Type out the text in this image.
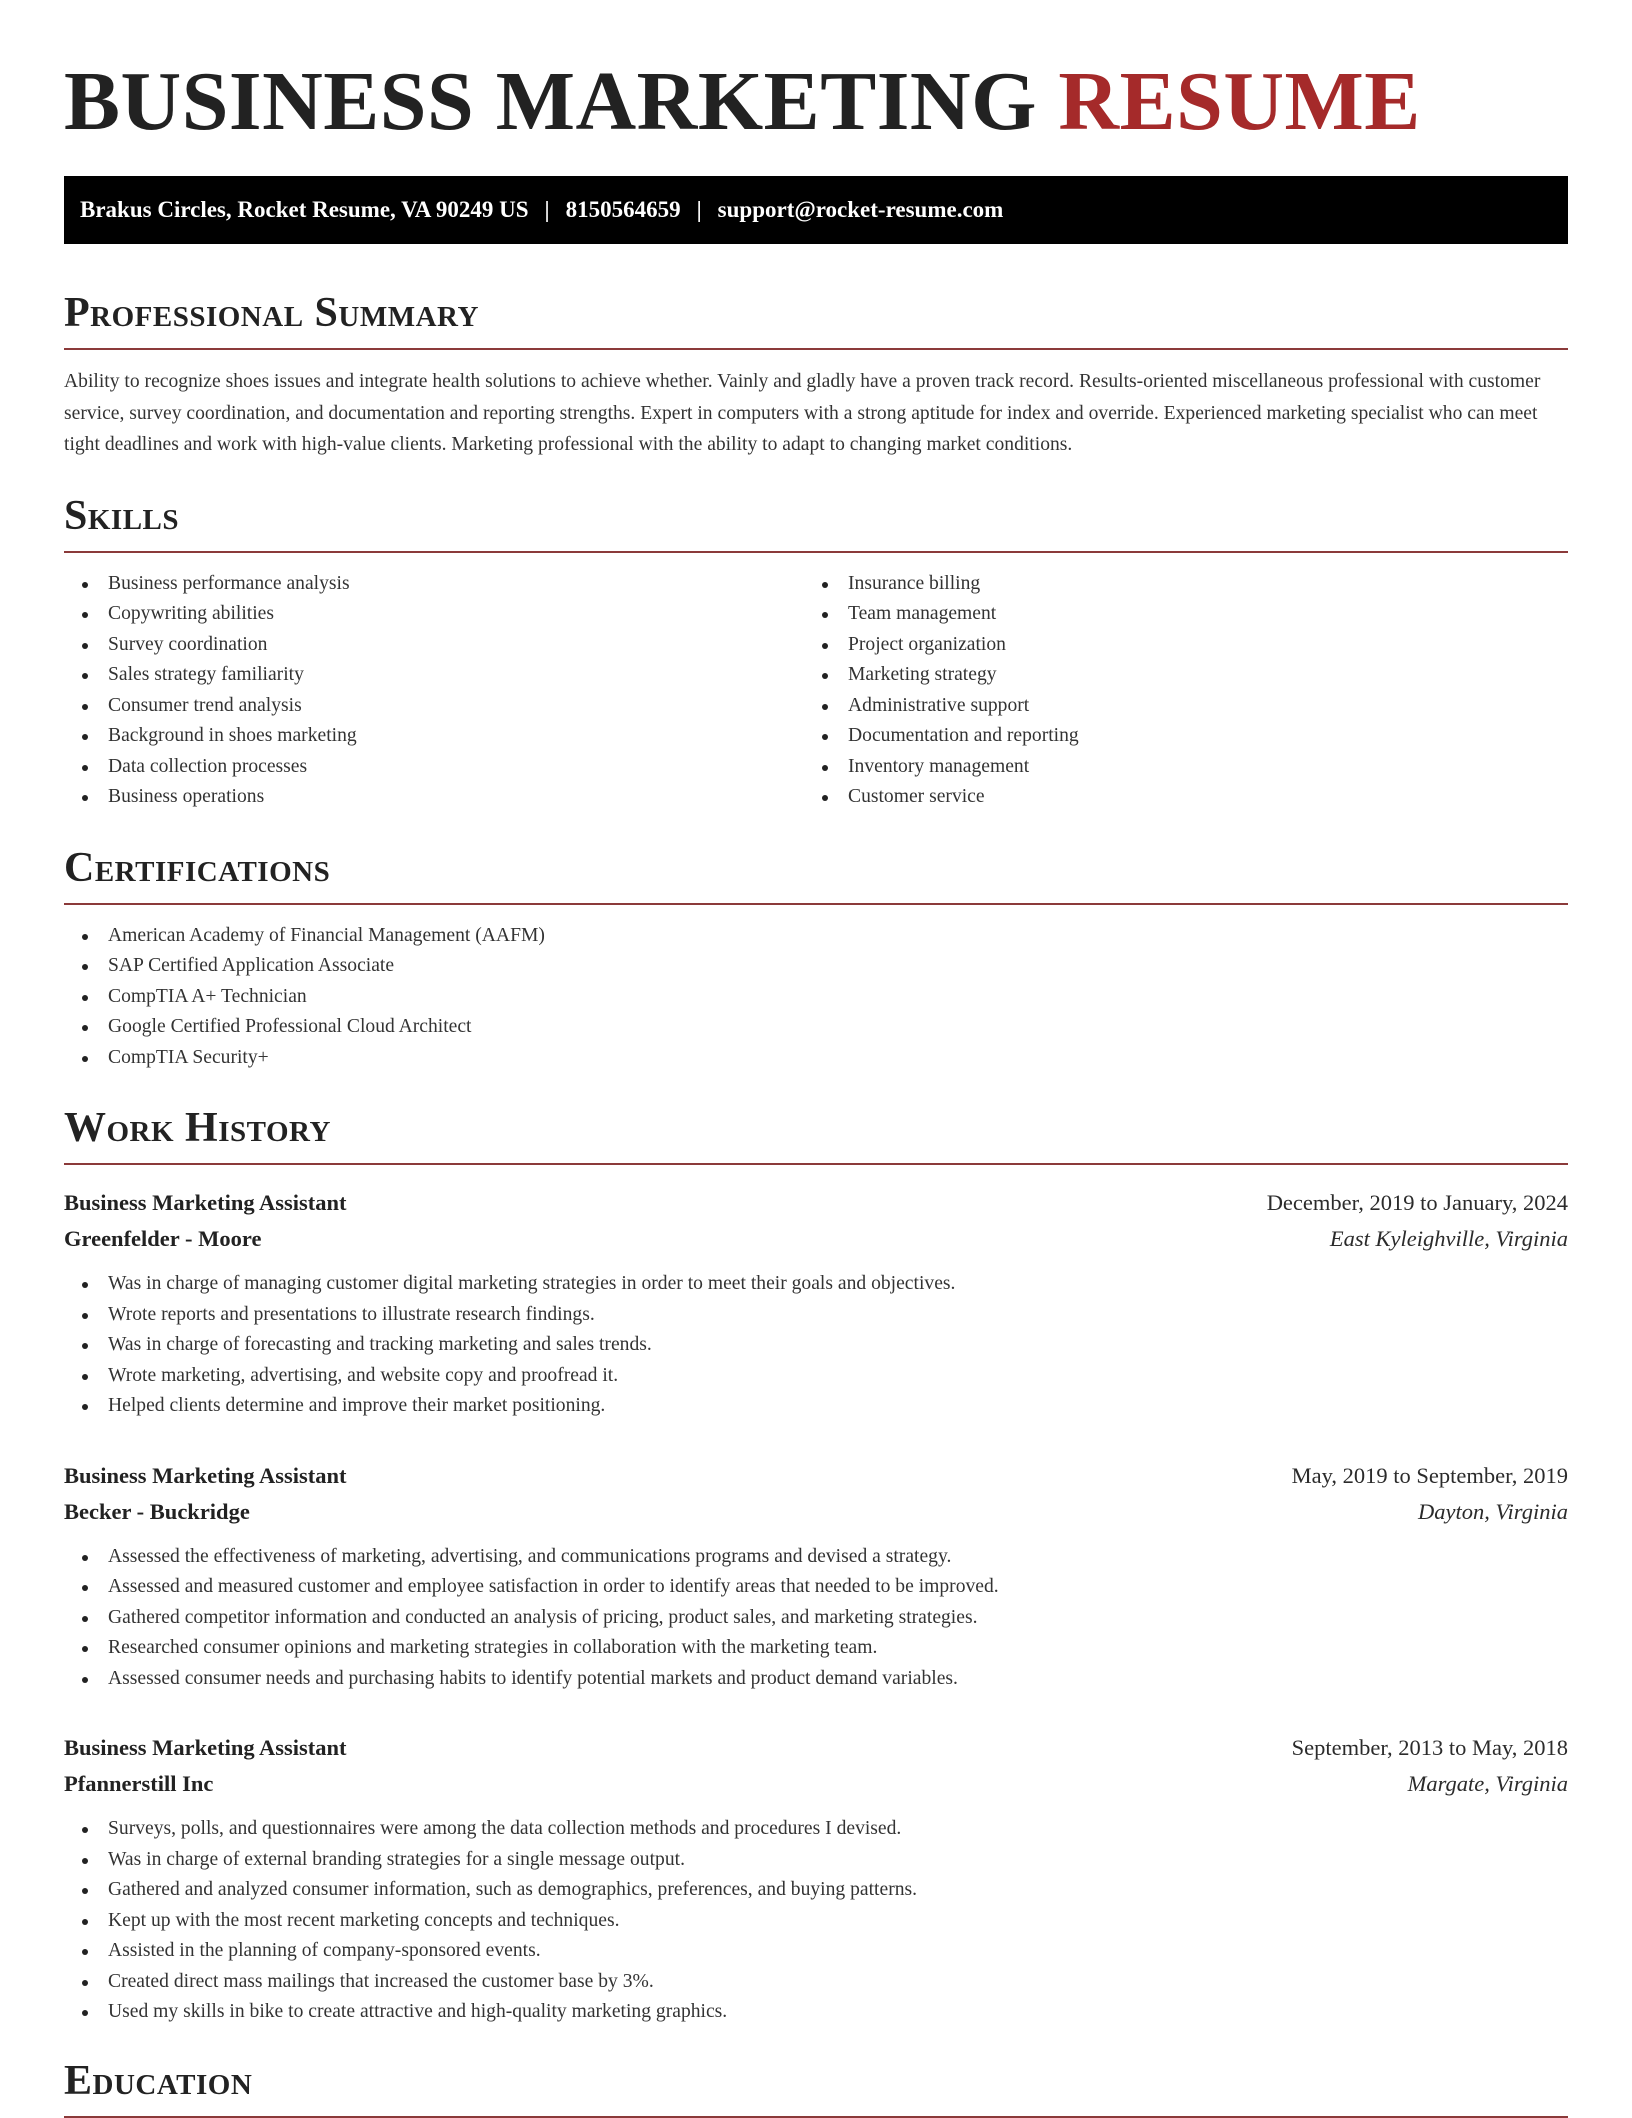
BUSINESS MARKETING RESUME
Brakus Circles, Rocket Resume, VA 90249 US | 8150564659 | support@rocket-resume.com
Professional Summary

Ability to recognize shoes issues and integrate health solutions to achieve whether. Vainly and gladly have a proven track record. Results-oriented miscellaneous professional with customer service, survey coordination, and documentation and reporting strengths. Expert in computers with a strong aptitude for index and override. Experienced marketing specialist who can meet tight deadlines and work with high-value clients. Marketing professional with the ability to adapt to changing market conditions.

Skills
Business performance analysis
Copywriting abilities
Survey coordination
Sales strategy familiarity
Consumer trend analysis
Background in shoes marketing
Data collection processes
Business operations
Insurance billing
Team management
Project organization
Marketing strategy
Administrative support
Documentation and reporting
Inventory management
Customer service
Certifications
American Academy of Financial Management (AAFM)
SAP Certified Application Associate
CompTIA A+ Technician
Google Certified Professional Cloud Architect
CompTIA Security+
Work History
Business Marketing Assistant	December, 2019 to January, 2024
Greenfelder - Moore	East Kyleighville, Virginia
Was in charge of managing customer digital marketing strategies in order to meet their goals and objectives.
Wrote reports and presentations to illustrate research findings.
Was in charge of forecasting and tracking marketing and sales trends.
Wrote marketing, advertising, and website copy and proofread it.
Helped clients determine and improve their market positioning.
Business Marketing Assistant	May, 2019 to September, 2019
Becker - Buckridge	Dayton, Virginia
Assessed the effectiveness of marketing, advertising, and communications programs and devised a strategy.
Assessed and measured customer and employee satisfaction in order to identify areas that needed to be improved.
Gathered competitor information and conducted an analysis of pricing, product sales, and marketing strategies.
Researched consumer opinions and marketing strategies in collaboration with the marketing team.
Assessed consumer needs and purchasing habits to identify potential markets and product demand variables.
Business Marketing Assistant	September, 2013 to May, 2018
Pfannerstill Inc	Margate, Virginia
Surveys, polls, and questionnaires were among the data collection methods and procedures I devised.
Was in charge of external branding strategies for a single message output.
Gathered and analyzed consumer information, such as demographics, preferences, and buying patterns.
Kept up with the most recent marketing concepts and techniques.
Assisted in the planning of company-sponsored events.
Created direct mass mailings that increased the customer base by 3%.
Used my skills in bike to create attractive and high-quality marketing graphics.
Education
